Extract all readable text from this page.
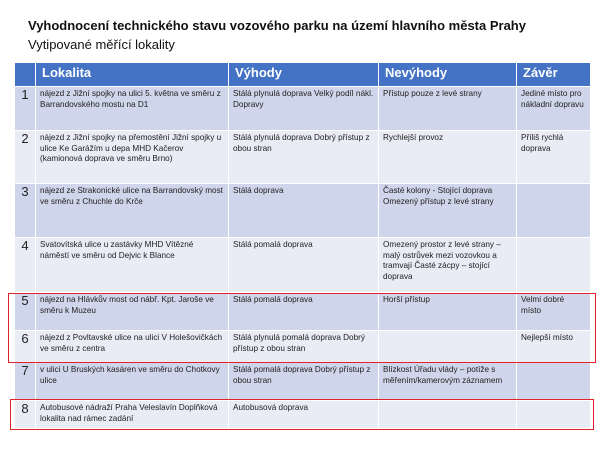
Vyhodnocení technického stavu vozového parku na území hlavního města Prahy
Vytipované měřící lokality
	Lokalita	Výhody	Nevýhody	Závěr
1	nájezd z Jižní spojky na ulici 5. května ve směru z Barrandovského mostu na D1	Stálá plynulá doprava Velký podíl nákl. Dopravy	Přístup pouze z levé strany	Jediné místo pro nákladní dopravu
2	nájezd z Jižní spojky na přemostění Jižní spojky u ulice Ke Garážím u depa MHD Kačerov (kamionová doprava ve směru Brno)	Stálá plynulá doprava Dobrý přístup z obou stran	Rychlejší provoz	Příliš rychlá doprava
3	nájezd ze Strakonické ulice na Barrandovský most ve směru z Chuchle do Krče	Stálá doprava	Časté kolony - Stojící doprava Omezený přístup z levé strany	
4	Svatovítská ulice u zastávky MHD Vítězné náměstí ve směru od Dejvic k Blance	Stálá pomalá doprava	Omezený prostor z levé strany – malý ostrůvek mezi vozovkou a tramvají Časté zácpy – stojící doprava	
5	nájezd na Hlávkův most od nábř. Kpt. Jaroše ve směru k Muzeu	Stálá pomalá doprava	Horší přístup	Velmi dobré místo
6	nájezd z Povltavské ulice na ulici V Holešovičkách ve směru z centra	Stálá plynulá pomalá doprava Dobrý přístup z obou stran		Nejlepší místo
7	v ulici U Bruských kasáren ve směru do Chotkovy ulice	Stálá pomalá doprava Dobrý přístup z obou stran	Blízkost Úřadu vlády – potíže s měřením/kamerovým záznamem	
8	Autobusové nádraží Praha Veleslavín Doplňková lokalita nad rámec zadání	Autobusová doprava		
